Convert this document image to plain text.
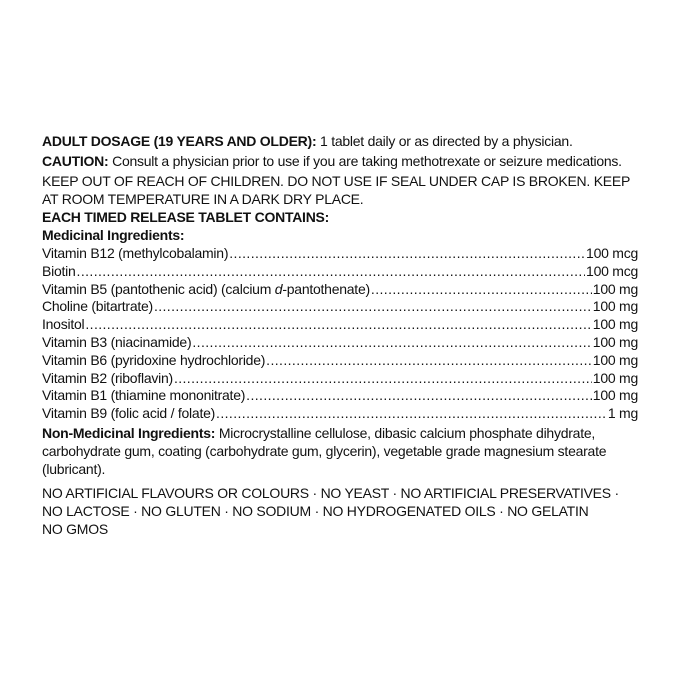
ADULT DOSAGE (19 YEARS AND OLDER): 1 tablet daily or as directed by a physician.

CAUTION: Consult a physician prior to use if you are taking methotrexate or seizure medications.

KEEP OUT OF REACH OF CHILDREN. DO NOT USE IF SEAL UNDER CAP IS BROKEN. KEEP AT ROOM TEMPERATURE IN A DARK DRY PLACE.

EACH TIMED RELEASE TABLET CONTAINS:

Medicinal Ingredients:

Vitamin B12 (methylcobalamin) .....	100 mcg
Biotin .....	100 mcg
Vitamin B5 (pantothenic acid) (calcium d-pantothenate) .....	100 mg
Choline (bitartrate) .....	100 mg
Inositol .....	100 mg
Vitamin B3 (niacinamide) .....	100 mg
Vitamin B6 (pyridoxine hydrochloride) .....	100 mg
Vitamin B2 (riboflavin) .....	100 mg
Vitamin B1 (thiamine mononitrate) .....	100 mg
Vitamin B9 (folic acid / folate) .....	1 mg

Non-Medicinal Ingredients: Microcrystalline cellulose, dibasic calcium phosphate dihydrate, carbohydrate gum, coating (carbohydrate gum, glycerin), vegetable grade magnesium stearate (lubricant).

NO ARTIFICIAL FLAVOURS OR COLOURS · NO YEAST · NO ARTIFICIAL PRESERVATIVES · NO LACTOSE · NO GLUTEN · NO SODIUM · NO HYDROGENATED OILS · NO GELATIN

NO GMOS
